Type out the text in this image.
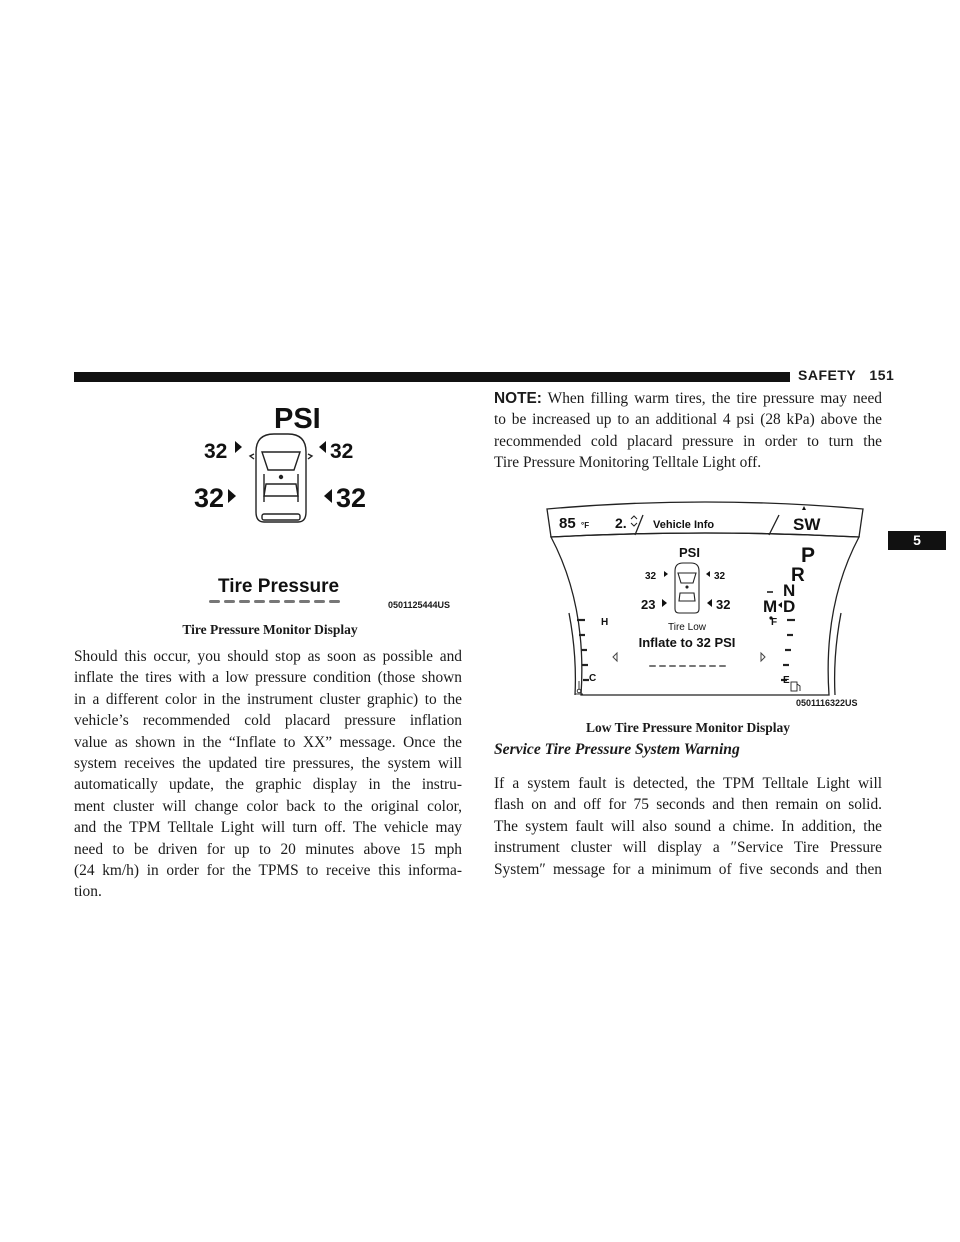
SAFETY 151
5
PSI
32	32
32	32
Tire Pressure
0501125444US
Tire Pressure Monitor Display
Should this occur, you should stop as soon as possible and
inflate the tires with a low pressure condition (those shown
in a different color in the instrument cluster graphic) to the
vehicle’s recommended cold placard pressure inflation
value as shown in the “Inflate to XX” message. Once the
system receives the updated tire pressures, the system will
automatically update, the graphic display in the instru-
ment cluster will change color back to the original color,
and the TPM Telltale Light will turn off. The vehicle may
need to be driven for up to 20 minutes above 15 mph
(24 km/h) in order for the TPMS to receive this informa-
tion.
NOTE: When filling warm tires, the tire pressure may need
to be increased up to an additional 4 psi (28 kPa) above the
recommended cold placard pressure in order to turn the
Tire Pressure Monitoring Telltale Light off.
85 °F 2. Vehicle Info	SW
PSI
32	32
23	32
Tire Low
Inflate to 32 PSI
P
R
N
M D
H
C
F
E
0501116322US
Low Tire Pressure Monitor Display
Service Tire Pressure System Warning
If a system fault is detected, the TPM Telltale Light will
flash on and off for 75 seconds and then remain on solid.
The system fault will also sound a chime. In addition, the
instrument cluster will display a ″Service Tire Pressure
System″ message for a minimum of five seconds and then
